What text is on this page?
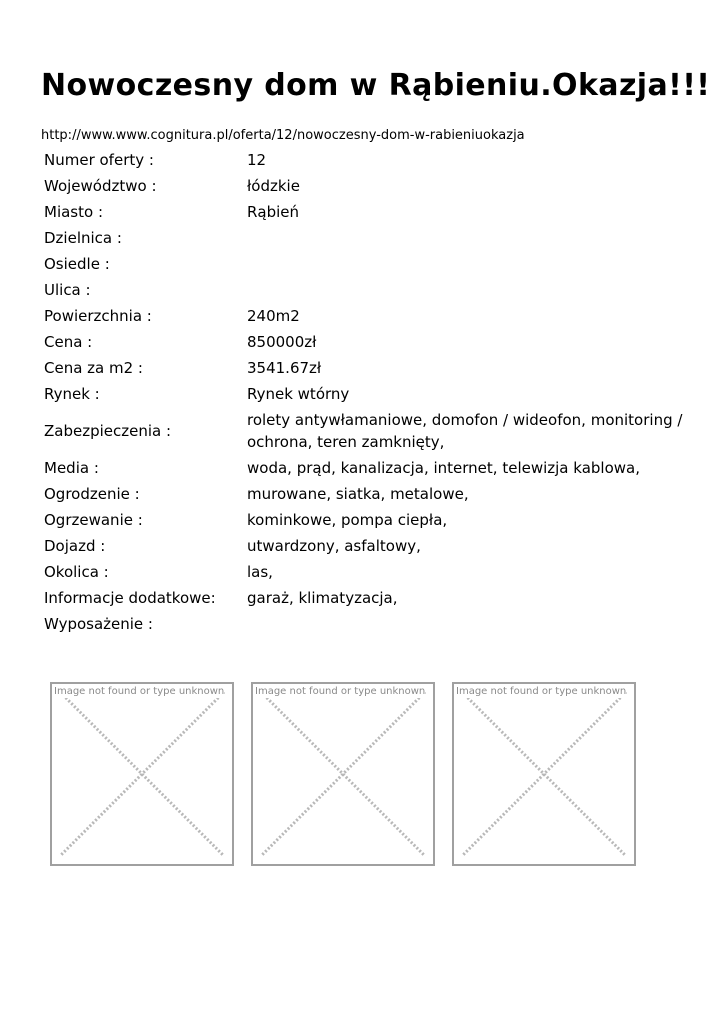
Nowoczesny dom w Rąbieniu.Okazja!!!
http://www.www.cognitura.pl/oferta/12/nowoczesny-dom-w-rabieniuokazja
Numer oferty :	12
Województwo :	łódzkie
Miasto :	Rąbień
Dzielnica :	
Osiedle :	
Ulica :	
Powierzchnia :	240m2
Cena :	850000zł
Cena za m2 :	3541.67zł
Rynek :	Rynek wtórny
Zabezpieczenia :	rolety antywłamaniowe, domofon / wideofon, monitoring / ochrona, teren zamknięty,
Media :	woda, prąd, kanalizacja, internet, telewizja kablowa,
Ogrodzenie :	murowane, siatka, metalowe,
Ogrzewanie :	kominkowe, pompa ciepła,
Dojazd :	utwardzony, asfaltowy,
Okolica :	las,
Informacje dodatkowe:	garaż, klimatyzacja,
Wyposażenie :	
Image not found or type unknown	Image not found or type unknown	Image not found or type unknown
